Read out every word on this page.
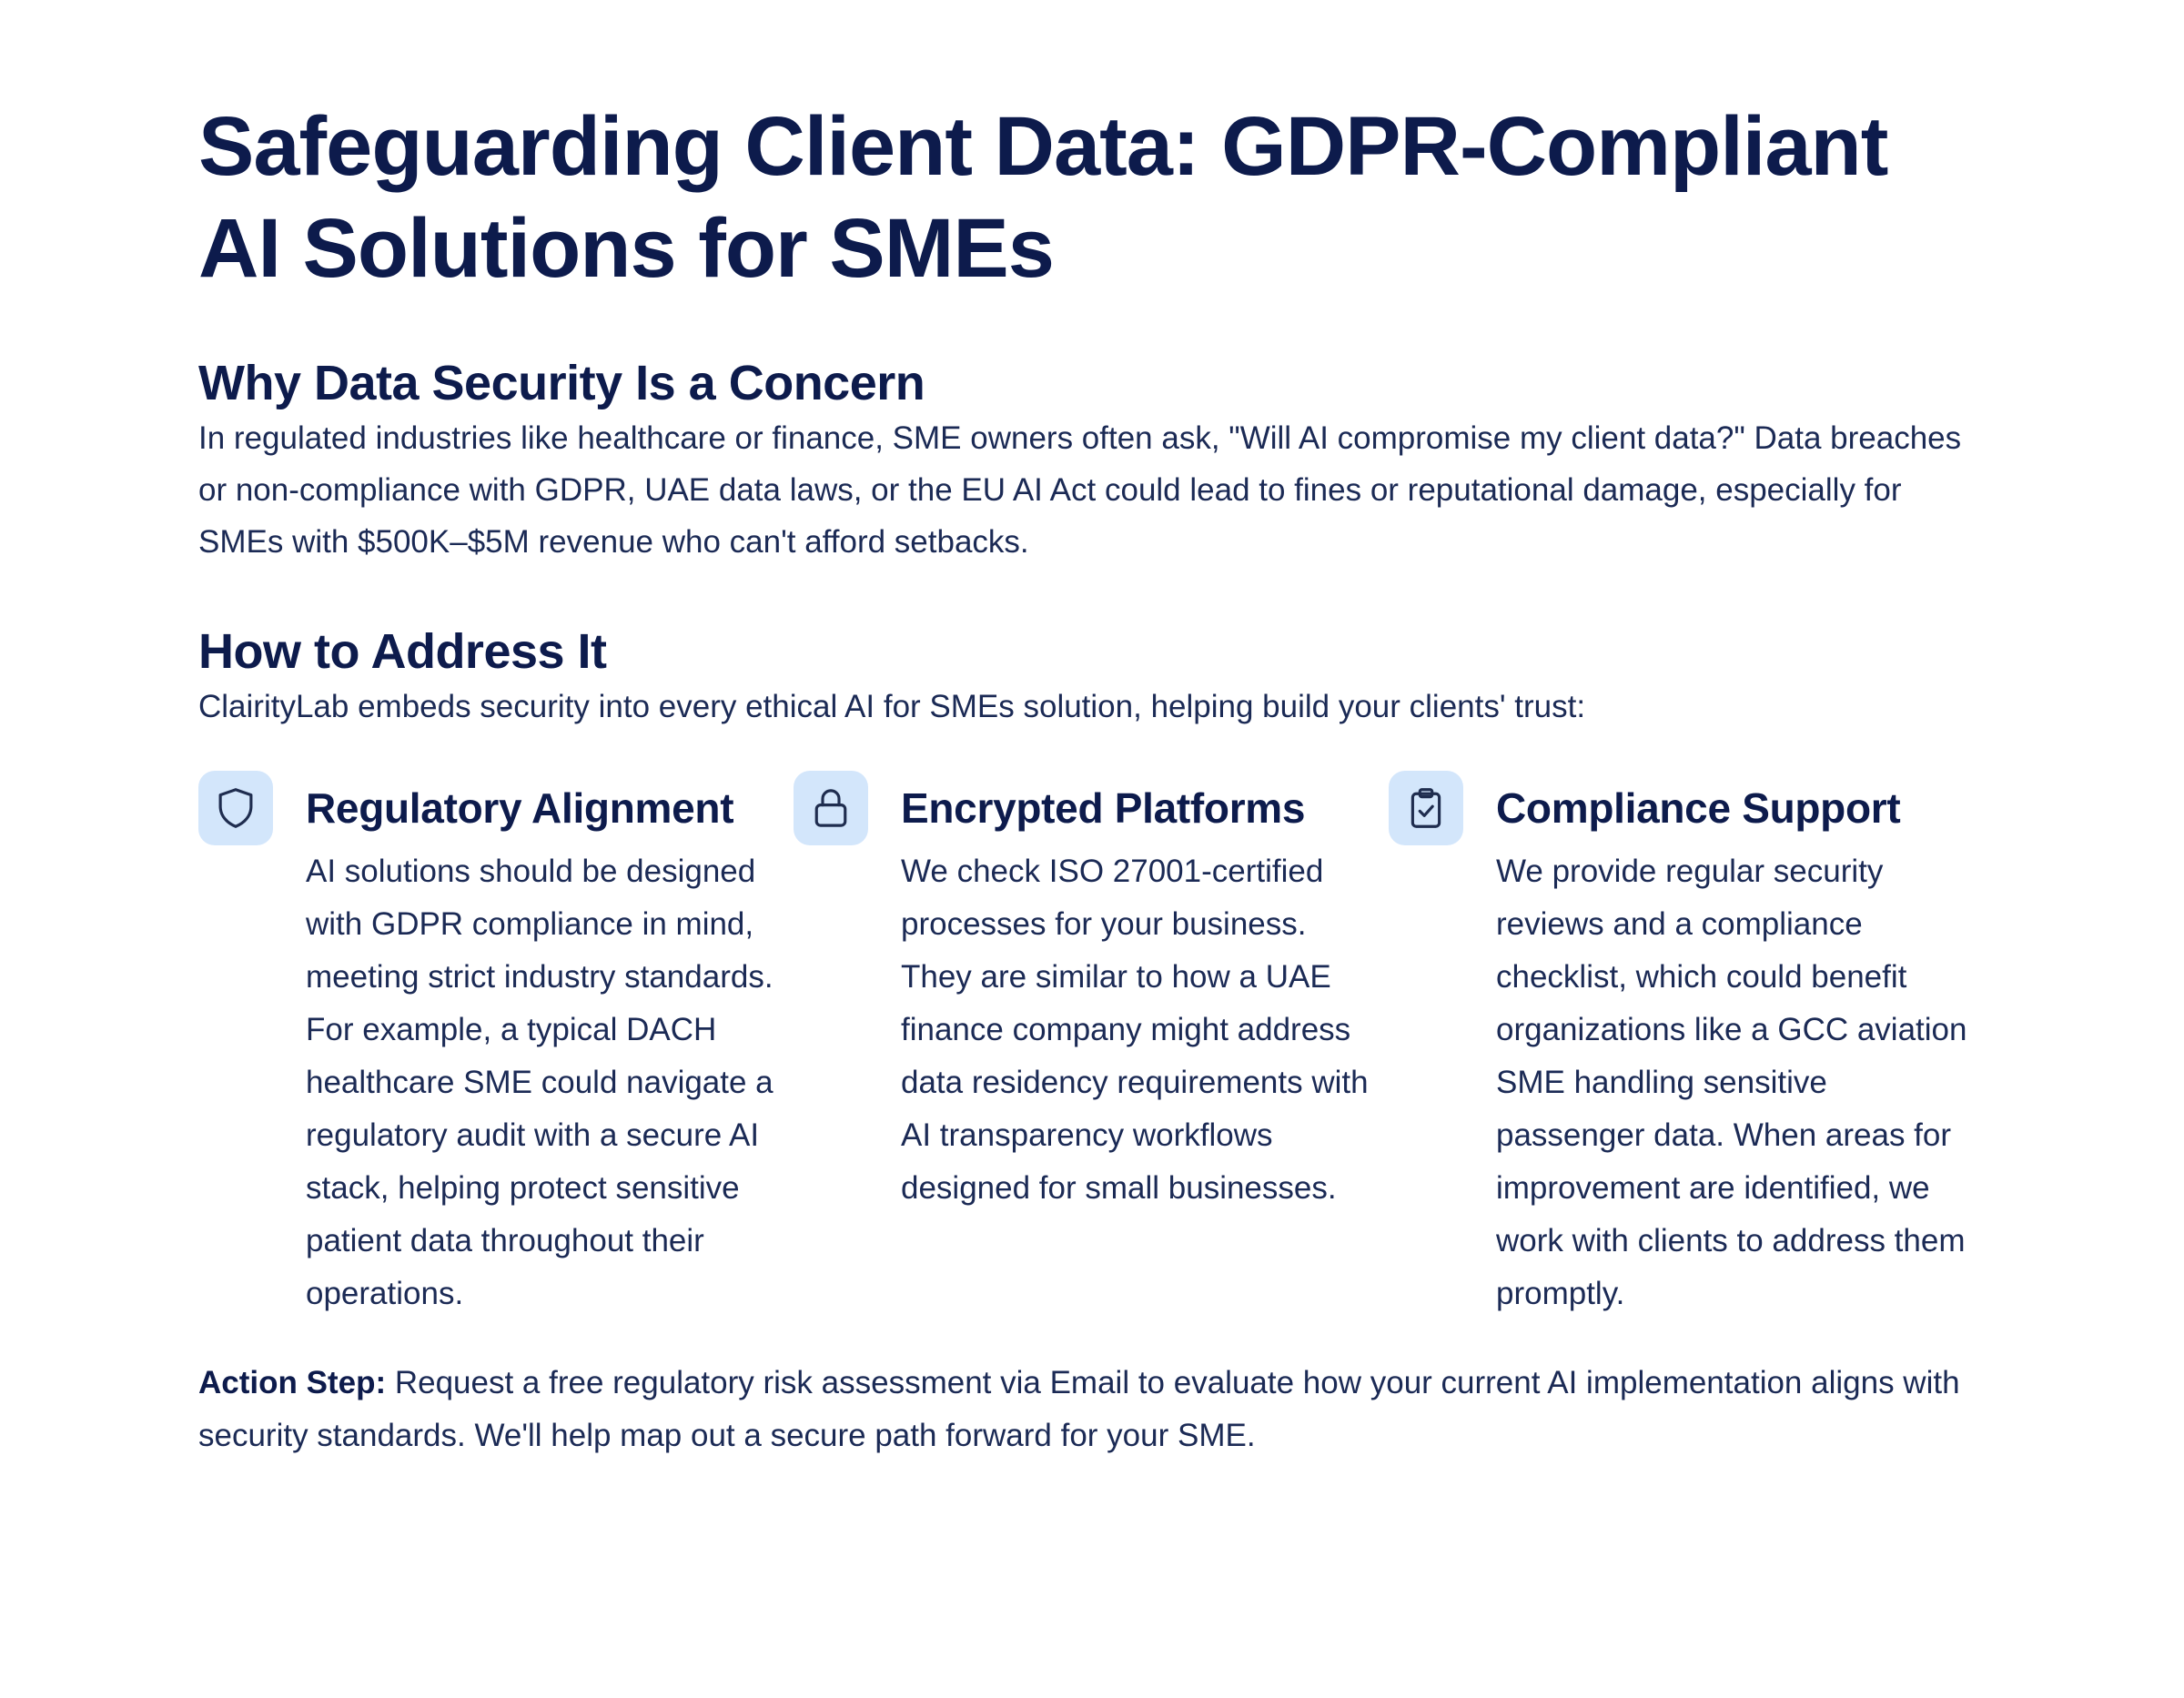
Safeguarding Client Data: GDPR-Compliant AI Solutions for SMEs
Why Data Security Is a Concern

In regulated industries like healthcare or finance, SME owners often ask, "Will AI compromise my client data?" Data breaches or non-compliance with GDPR, UAE data laws, or the EU AI Act could lead to fines or reputational damage, especially for SMEs with $500K–$5M revenue who can't afford setbacks.

How to Address It

ClairityLab embeds security into every ethical AI for SMEs solution, helping build your clients' trust:

Regulatory Alignment

AI solutions should be designed with GDPR compliance in mind, meeting strict industry standards. For example, a typical DACH healthcare SME could navigate a regulatory audit with a secure AI stack, helping protect sensitive patient data throughout their operations.

Encrypted Platforms

We check ISO 27001-certified processes for your business. They are similar to how a UAE finance company might address data residency requirements with AI transparency workflows designed for small businesses.

Compliance Support

We provide regular security reviews and a compliance checklist, which could benefit organizations like a GCC aviation SME handling sensitive passenger data. When areas for improvement are identified, we work with clients to address them promptly.

Action Step: Request a free regulatory risk assessment via Email to evaluate how your current AI implementation aligns with security standards. We'll help map out a secure path forward for your SME.
